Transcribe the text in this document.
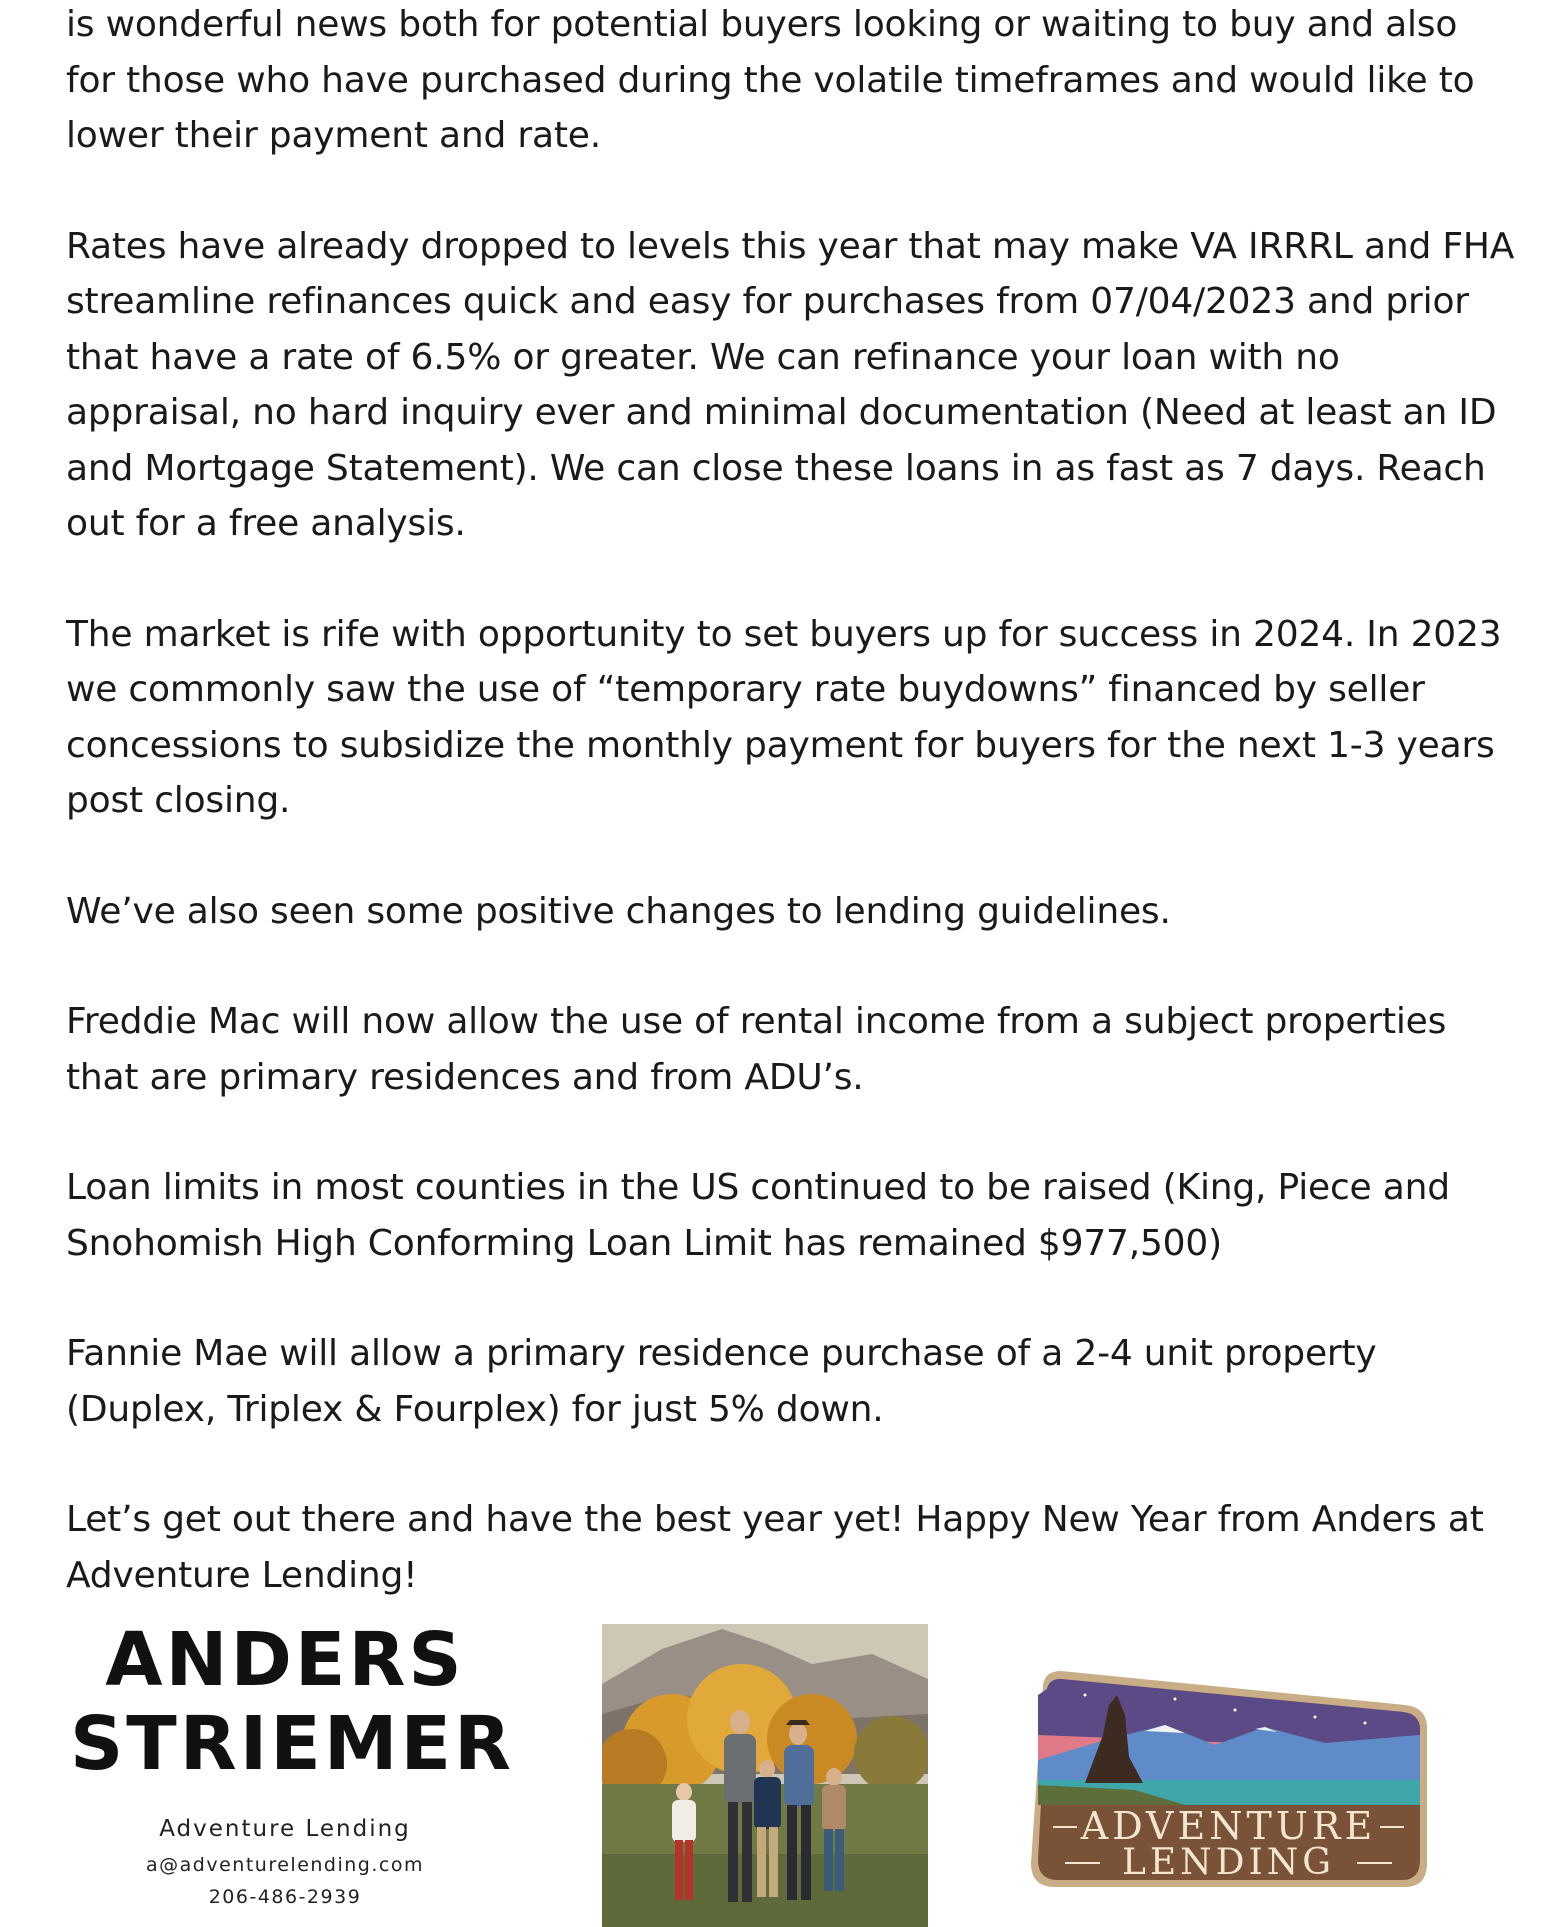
is wonderful news both for potential buyers looking or waiting to buy and also for those who have purchased during the volatile timeframes and would like to lower their payment and rate.

Rates have already dropped to levels this year that may make VA IRRRL and FHA streamline refinances quick and easy for purchases from 07/04/2023 and prior that have a rate of 6.5% or greater. We can refinance your loan with no appraisal, no hard inquiry ever and minimal documentation (Need at least an ID and Mortgage Statement). We can close these loans in as fast as 7 days. Reach out for a free analysis.

The market is rife with opportunity to set buyers up for success in 2024. In 2023 we commonly saw the use of “temporary rate buydowns” financed by seller concessions to subsidize the monthly payment for buyers for the next 1-3 years post closing.

We’ve also seen some positive changes to lending guidelines.

Freddie Mac will now allow the use of rental income from a subject properties that are primary residences and from ADU’s.

Loan limits in most counties in the US continued to be raised (King, Piece and Snohomish High Conforming Loan Limit has remained $977,500)

Fannie Mae will allow a primary residence purchase of a 2-4 unit property (Duplex, Triplex & Fourplex) for just 5% down.

Let’s get out there and have the best year yet! Happy New Year from Anders at Adventure Lending!

ANDERS
STRIEMER
Adventure Lending
a@adventurelending.com
206-486-2939
ADVENTURE
LENDING
